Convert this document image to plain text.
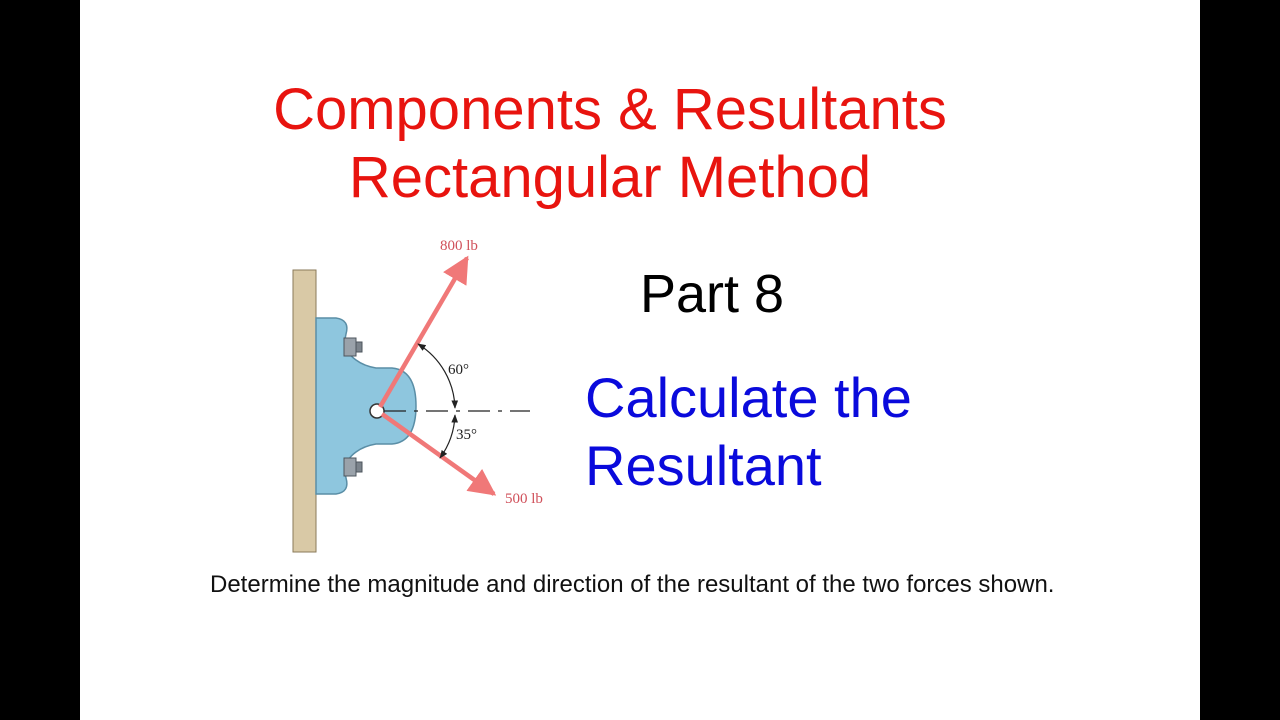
Components & Resultants
Rectangular Method
800 lb
500 lb
60°
35°
Part 8
Calculate the
Resultant
Determine the magnitude and direction of the resultant of the two forces shown.
